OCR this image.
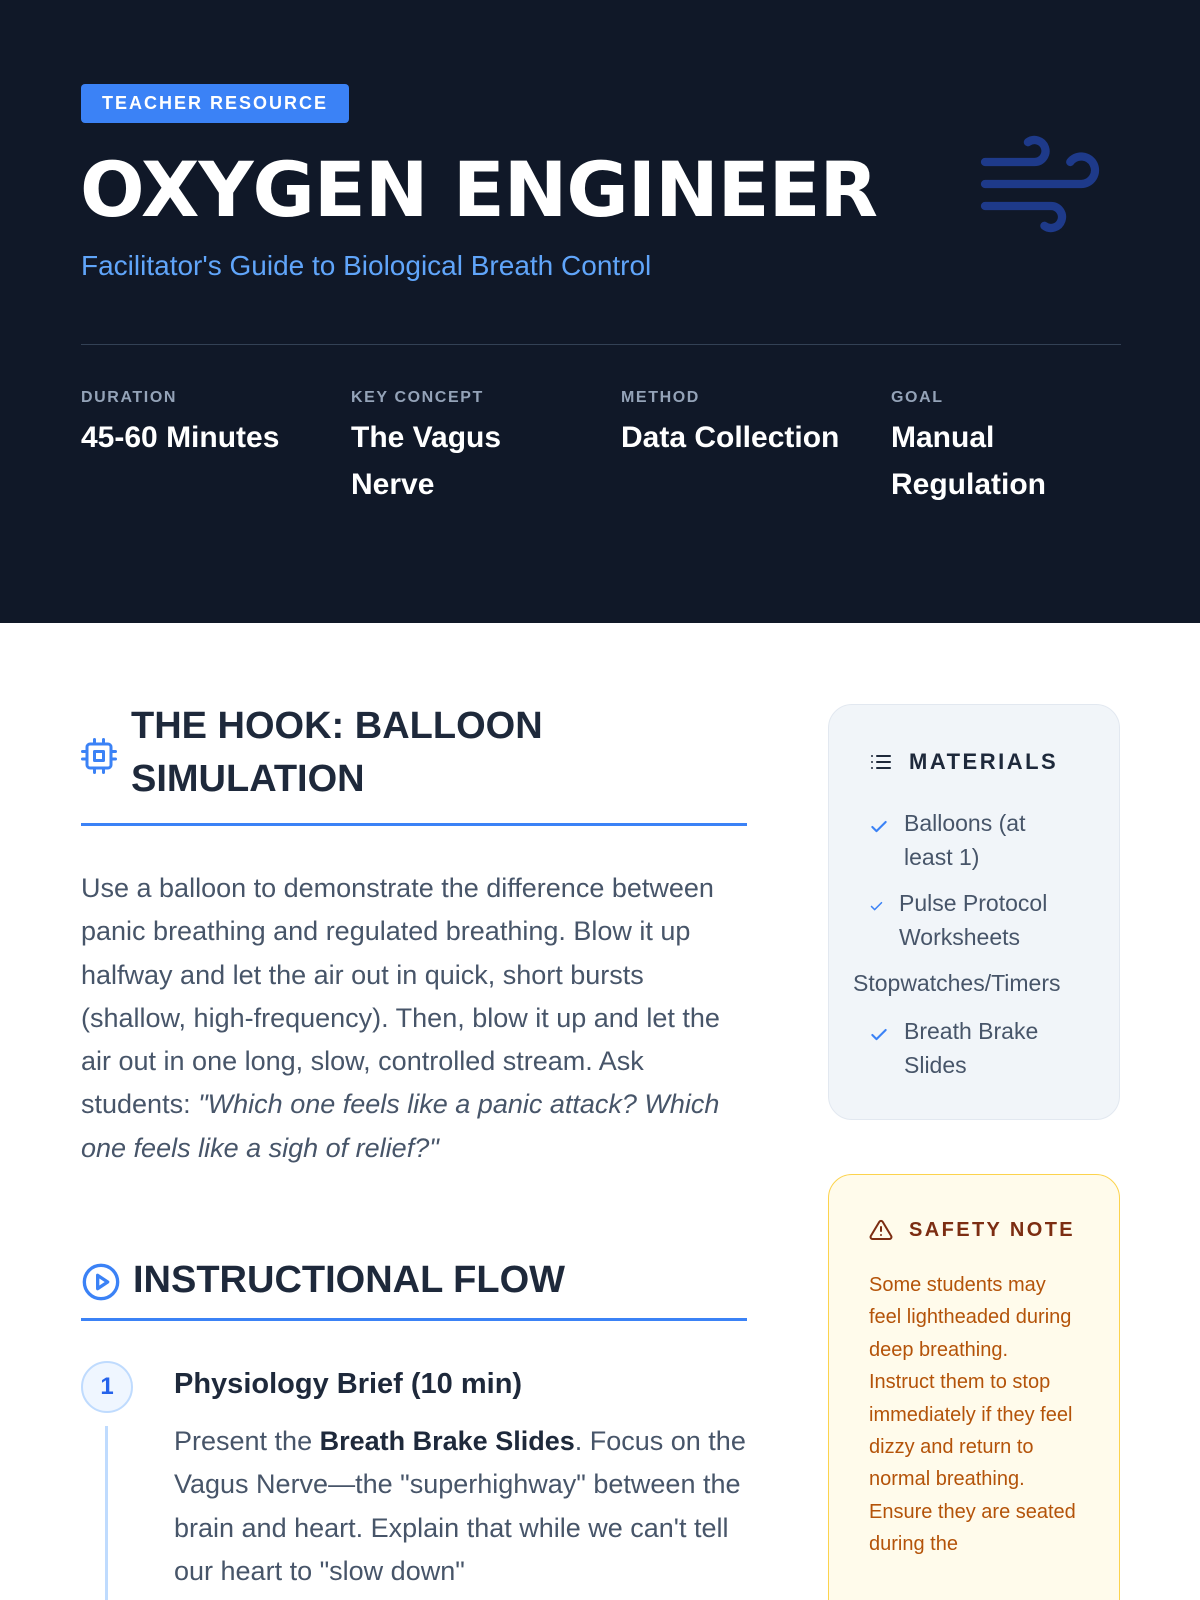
TEACHER RESOURCE
OXYGEN ENGINEER

Facilitator's Guide to Biological Breath Control

DURATION
45-60 Minutes
KEY CONCEPT
The Vagus Nerve
METHOD
Data Collection
GOAL
Manual Regulation
THE HOOK: BALLOON SIMULATION

Use a balloon to demonstrate the difference between panic breathing and regulated breathing. Blow it up halfway and let the air out in quick, short bursts (shallow, high-frequency). Then, blow it up and let the air out in one long, slow, controlled stream. Ask students: "Which one feels like a panic attack? Which one feels like a sigh of relief?"

INSTRUCTIONAL FLOW
1	Physiology Brief (10 min)

Present the Breath Brake Slides. Focus on the Vagus Nerve—the "superhighway" between the brain and heart. Explain that while we can't tell our heart to "slow down"

MATERIALS
Balloons (at least 1)
Pulse Protocol Worksheets
Stopwatches/Timers
Breath Brake Slides
SAFETY NOTE

Some students may feel lightheaded during deep breathing. Instruct them to stop immediately if they feel dizzy and return to normal breathing. Ensure they are seated during the
